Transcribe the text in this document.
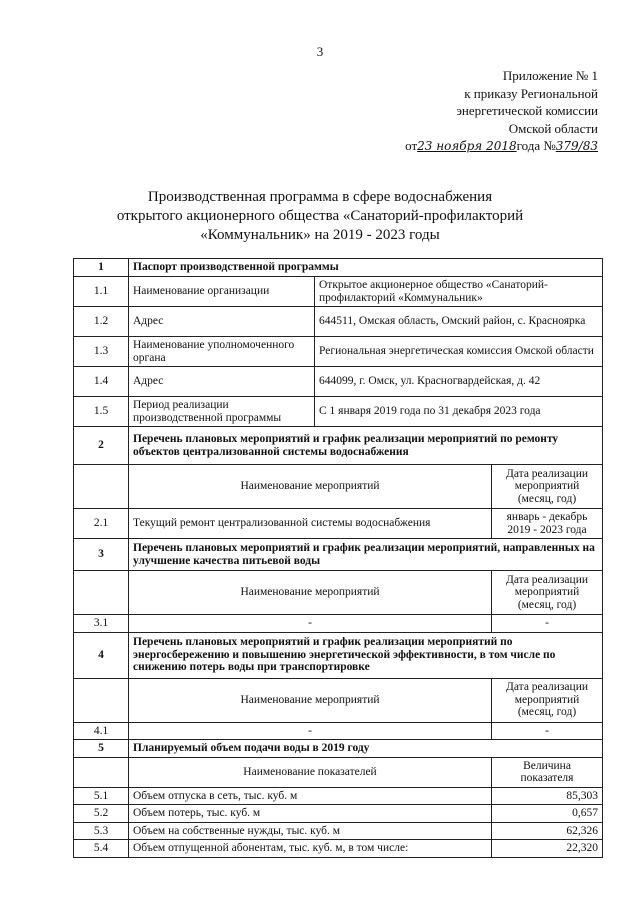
3
Приложение № 1
к приказу Региональной
энергетической комиссии
Омской области
от23 ноября 2018года №379/83
Производственная программа в сфере водоснабжения
открытого акционерного общества «Санаторий-профилакторий
«Коммунальник» на 2019 - 2023 годы
1	Паспорт производственной программы		
1.1	Наименование организации	Открытое акционерное общество «Санаторий-профилакторий «Коммунальник»	
1.2	Адрес	644511, Омская область, Омский район, с. Красноярка	
1.3	Наименование уполномоченного органа	Региональная энергетическая комиссия Омской области	
1.4	Адрес	644099, г. Омск, ул. Красногвардейская, д. 42	
1.5	Период реализации производственной программы	С 1 января 2019 года по 31 декабря 2023 года	
2	Перечень плановых мероприятий и график реализации мероприятий по ремонту объектов централизованной системы водоснабжения		
	Наименование мероприятий		Дата реализации мероприятий (месяц, год)
2.1	Текущий ремонт централизованной системы водоснабжения		январь - декабрь 2019 - 2023 года
3	Перечень плановых мероприятий и график реализации мероприятий, направленных на улучшение качества питьевой воды		
	Наименование мероприятий		Дата реализации мероприятий (месяц, год)
3.1	-		-
4	Перечень плановых мероприятий и график реализации мероприятий по энергосбережению и повышению энергетической эффективности, в том числе по снижению потерь воды при транспортировке		
	Наименование мероприятий		Дата реализации мероприятий (месяц, год)
4.1	-		-
5	Планируемый объем подачи воды в 2019 году		
	Наименование показателей		Величина показателя
5.1	Объем отпуска в сеть, тыс. куб. м		85,303
5.2	Объем потерь, тыс. куб. м		0,657
5.3	Объем на собственные нужды, тыс. куб. м		62,326
5.4	Объем отпущенной абонентам, тыс. куб. м, в том числе:		22,320
